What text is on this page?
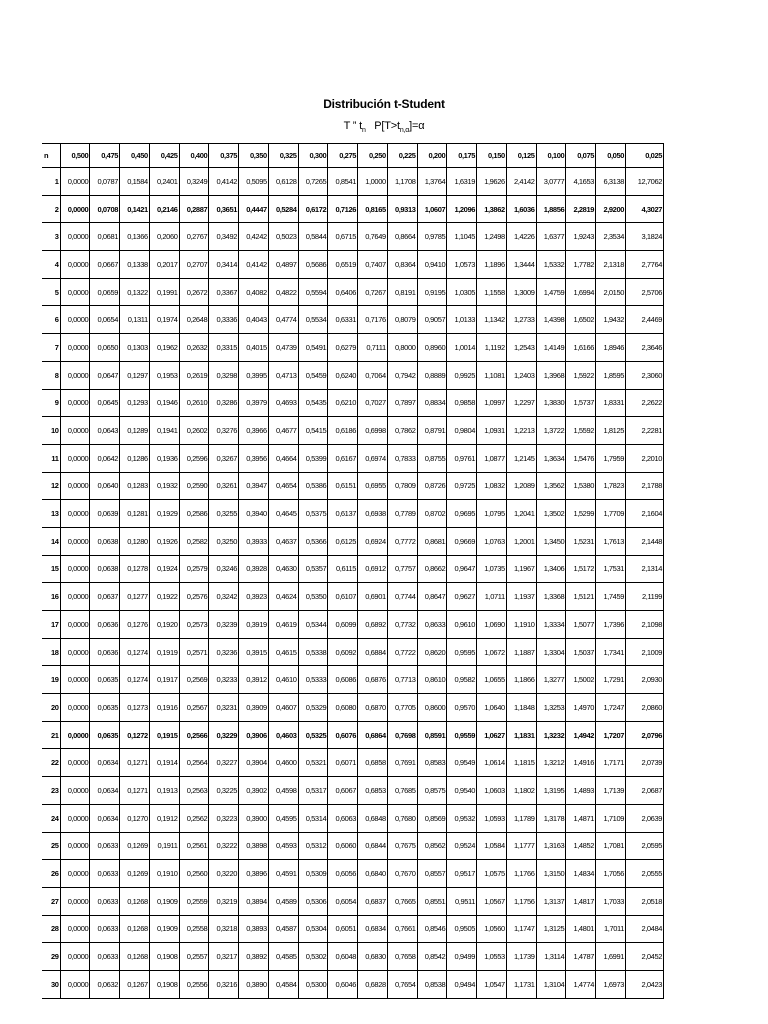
Distribución t-Student
T ” $t_n$ $P[T>t_{n,\alpha}]=\alpha$
n	0,500	0,475	0,450	0,425	0,400	0,375	0,350	0,325	0,300	0,275	0,250	0,225	0,200	0,175	0,150	0,125	0,100	0,075	0,050	0,025
1	0,0000	0,0787	0,1584	0,2401	0,3249	0,4142	0,5095	0,6128	0,7265	0,8541	1,0000	1,1708	1,3764	1,6319	1,9626	2,4142	3,0777	4,1653	6,3138	12,7062
2	0,0000	0,0708	0,1421	0,2146	0,2887	0,3651	0,4447	0,5284	0,6172	0,7126	0,8165	0,9313	1,0607	1,2096	1,3862	1,6036	1,8856	2,2819	2,9200	4,3027
3	0,0000	0,0681	0,1366	0,2060	0,2767	0,3492	0,4242	0,5023	0,5844	0,6715	0,7649	0,8664	0,9785	1,1045	1,2498	1,4226	1,6377	1,9243	2,3534	3,1824
4	0,0000	0,0667	0,1338	0,2017	0,2707	0,3414	0,4142	0,4897	0,5686	0,6519	0,7407	0,8364	0,9410	1,0573	1,1896	1,3444	1,5332	1,7782	2,1318	2,7764
5	0,0000	0,0659	0,1322	0,1991	0,2672	0,3367	0,4082	0,4822	0,5594	0,6406	0,7267	0,8191	0,9195	1,0305	1,1558	1,3009	1,4759	1,6994	2,0150	2,5706
6	0,0000	0,0654	0,1311	0,1974	0,2648	0,3336	0,4043	0,4774	0,5534	0,6331	0,7176	0,8079	0,9057	1,0133	1,1342	1,2733	1,4398	1,6502	1,9432	2,4469
7	0,0000	0,0650	0,1303	0,1962	0,2632	0,3315	0,4015	0,4739	0,5491	0,6279	0,7111	0,8000	0,8960	1,0014	1,1192	1,2543	1,4149	1,6166	1,8946	2,3646
8	0,0000	0,0647	0,1297	0,1953	0,2619	0,3298	0,3995	0,4713	0,5459	0,6240	0,7064	0,7942	0,8889	0,9925	1,1081	1,2403	1,3968	1,5922	1,8595	2,3060
9	0,0000	0,0645	0,1293	0,1946	0,2610	0,3286	0,3979	0,4693	0,5435	0,6210	0,7027	0,7897	0,8834	0,9858	1,0997	1,2297	1,3830	1,5737	1,8331	2,2622
10	0,0000	0,0643	0,1289	0,1941	0,2602	0,3276	0,3966	0,4677	0,5415	0,6186	0,6998	0,7862	0,8791	0,9804	1,0931	1,2213	1,3722	1,5592	1,8125	2,2281
11	0,0000	0,0642	0,1286	0,1936	0,2596	0,3267	0,3956	0,4664	0,5399	0,6167	0,6974	0,7833	0,8755	0,9761	1,0877	1,2145	1,3634	1,5476	1,7959	2,2010
12	0,0000	0,0640	0,1283	0,1932	0,2590	0,3261	0,3947	0,4654	0,5386	0,6151	0,6955	0,7809	0,8726	0,9725	1,0832	1,2089	1,3562	1,5380	1,7823	2,1788
13	0,0000	0,0639	0,1281	0,1929	0,2586	0,3255	0,3940	0,4645	0,5375	0,6137	0,6938	0,7789	0,8702	0,9695	1,0795	1,2041	1,3502	1,5299	1,7709	2,1604
14	0,0000	0,0638	0,1280	0,1926	0,2582	0,3250	0,3933	0,4637	0,5366	0,6125	0,6924	0,7772	0,8681	0,9669	1,0763	1,2001	1,3450	1,5231	1,7613	2,1448
15	0,0000	0,0638	0,1278	0,1924	0,2579	0,3246	0,3928	0,4630	0,5357	0,6115	0,6912	0,7757	0,8662	0,9647	1,0735	1,1967	1,3406	1,5172	1,7531	2,1314
16	0,0000	0,0637	0,1277	0,1922	0,2576	0,3242	0,3923	0,4624	0,5350	0,6107	0,6901	0,7744	0,8647	0,9627	1,0711	1,1937	1,3368	1,5121	1,7459	2,1199
17	0,0000	0,0636	0,1276	0,1920	0,2573	0,3239	0,3919	0,4619	0,5344	0,6099	0,6892	0,7732	0,8633	0,9610	1,0690	1,1910	1,3334	1,5077	1,7396	2,1098
18	0,0000	0,0636	0,1274	0,1919	0,2571	0,3236	0,3915	0,4615	0,5338	0,6092	0,6884	0,7722	0,8620	0,9595	1,0672	1,1887	1,3304	1,5037	1,7341	2,1009
19	0,0000	0,0635	0,1274	0,1917	0,2569	0,3233	0,3912	0,4610	0,5333	0,6086	0,6876	0,7713	0,8610	0,9582	1,0655	1,1866	1,3277	1,5002	1,7291	2,0930
20	0,0000	0,0635	0,1273	0,1916	0,2567	0,3231	0,3909	0,4607	0,5329	0,6080	0,6870	0,7705	0,8600	0,9570	1,0640	1,1848	1,3253	1,4970	1,7247	2,0860
21	0,0000	0,0635	0,1272	0,1915	0,2566	0,3229	0,3906	0,4603	0,5325	0,6076	0,6864	0,7698	0,8591	0,9559	1,0627	1,1831	1,3232	1,4942	1,7207	2,0796
22	0,0000	0,0634	0,1271	0,1914	0,2564	0,3227	0,3904	0,4600	0,5321	0,6071	0,6858	0,7691	0,8583	0,9549	1,0614	1,1815	1,3212	1,4916	1,7171	2,0739
23	0,0000	0,0634	0,1271	0,1913	0,2563	0,3225	0,3902	0,4598	0,5317	0,6067	0,6853	0,7685	0,8575	0,9540	1,0603	1,1802	1,3195	1,4893	1,7139	2,0687
24	0,0000	0,0634	0,1270	0,1912	0,2562	0,3223	0,3900	0,4595	0,5314	0,6063	0,6848	0,7680	0,8569	0,9532	1,0593	1,1789	1,3178	1,4871	1,7109	2,0639
25	0,0000	0,0633	0,1269	0,1911	0,2561	0,3222	0,3898	0,4593	0,5312	0,6060	0,6844	0,7675	0,8562	0,9524	1,0584	1,1777	1,3163	1,4852	1,7081	2,0595
26	0,0000	0,0633	0,1269	0,1910	0,2560	0,3220	0,3896	0,4591	0,5309	0,6056	0,6840	0,7670	0,8557	0,9517	1,0575	1,1766	1,3150	1,4834	1,7056	2,0555
27	0,0000	0,0633	0,1268	0,1909	0,2559	0,3219	0,3894	0,4589	0,5306	0,6054	0,6837	0,7665	0,8551	0,9511	1,0567	1,1756	1,3137	1,4817	1,7033	2,0518
28	0,0000	0,0633	0,1268	0,1909	0,2558	0,3218	0,3893	0,4587	0,5304	0,6051	0,6834	0,7661	0,8546	0,9505	1,0560	1,1747	1,3125	1,4801	1,7011	2,0484
29	0,0000	0,0633	0,1268	0,1908	0,2557	0,3217	0,3892	0,4585	0,5302	0,6048	0,6830	0,7658	0,8542	0,9499	1,0553	1,1739	1,3114	1,4787	1,6991	2,0452
30	0,0000	0,0632	0,1267	0,1908	0,2556	0,3216	0,3890	0,4584	0,5300	0,6046	0,6828	0,7654	0,8538	0,9494	1,0547	1,1731	1,3104	1,4774	1,6973	2,0423
